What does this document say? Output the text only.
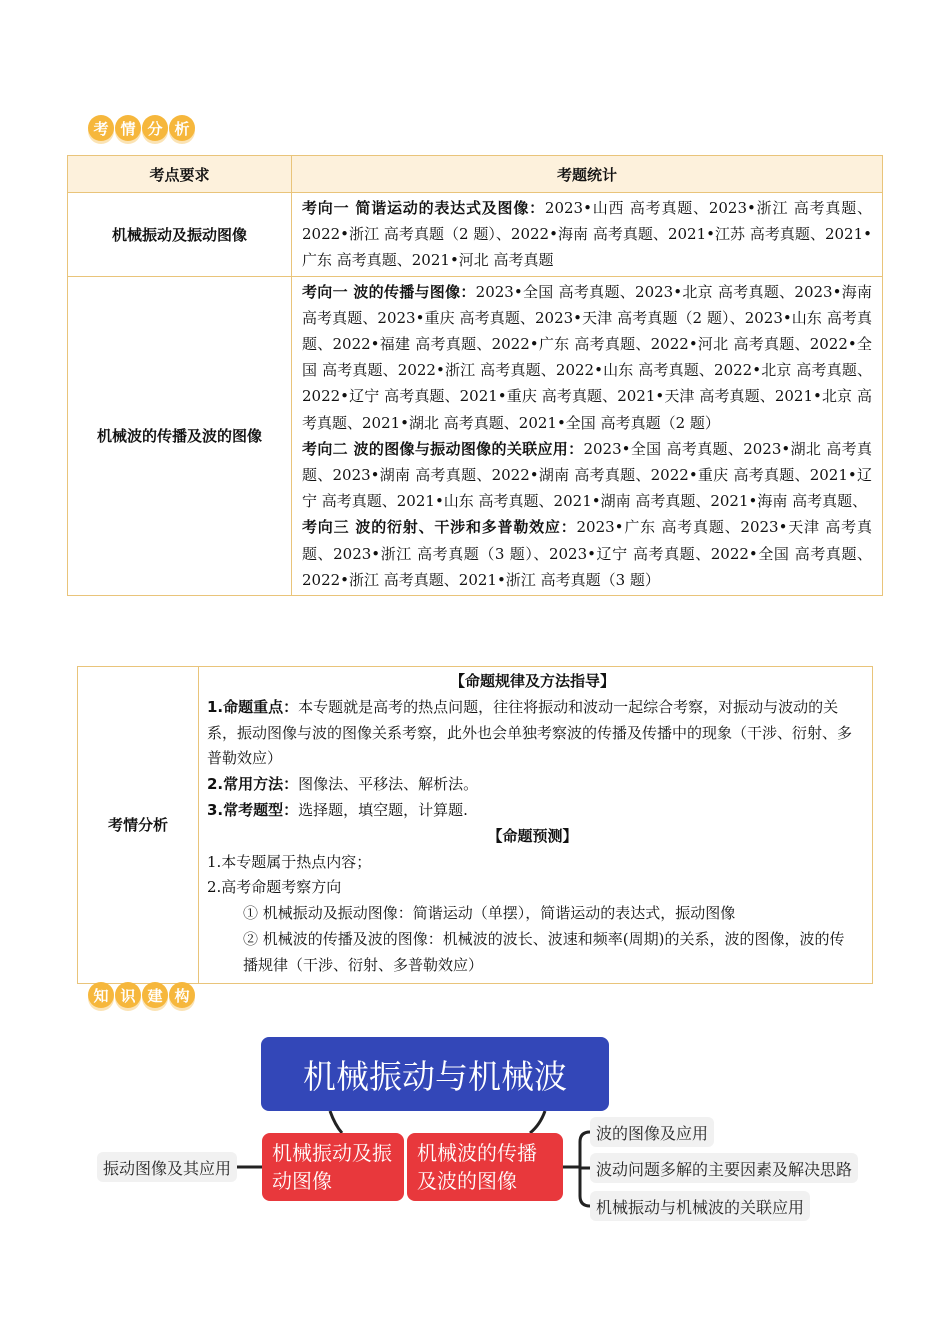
考 情 分 析
考点要求	考题统计
机械振动及振动图像	考向一 简谐运动的表达式及图像：2023•山西 高考真题、2023•浙江 高考真题、2022•浙江 高考真题（2 题）、2022•海南 高考真题、2021•江苏 高考真题、2021•广东 高考真题、2021•河北 高考真题
机械波的传播及波的图像	考向一 波的传播与图像：2023•全国 高考真题、2023•北京 高考真题、2023•海南 高考真题、2023•重庆 高考真题、2023•天津 高考真题（2 题）、2023•山东 高考真题、2022•福建 高考真题、2022•广东 高考真题、2022•河北 高考真题、2022•全国 高考真题、2022•浙江 高考真题、2022•山东 高考真题、2022•北京 高考真题、2022•辽宁 高考真题、2021•重庆 高考真题、2021•天津 高考真题、2021•北京 高考真题、2021•湖北 高考真题、2021•全国 高考真题（2 题）
考向二 波的图像与振动图像的关联应用：2023•全国 高考真题、2023•湖北 高考真题、2023•湖南 高考真题、2022•湖南 高考真题、2022•重庆 高考真题、2021•辽宁 高考真题、2021•山东 高考真题、2021•湖南 高考真题、2021•海南 高考真题、
考向三 波的衍射、干涉和多普勒效应：2023•广东 高考真题、2023•天津 高考真题、2023•浙江 高考真题（3 题）、2023•辽宁 高考真题、2022•全国 高考真题、2022•浙江 高考真题、2021•浙江 高考真题（3 题）
考情分析	
【命题规律及方法指导】
1.命题重点：本专题就是高考的热点问题，往往将振动和波动一起综合考察，对振动与波动的关系，振动图像与波的图像关系考察，此外也会单独考察波的传播及传播中的现象（干涉、衍射、多普勒效应）
2.常用方法：图像法、平移法、解析法。
3.常考题型：选择题，填空题，计算题.
【命题预测】
1.本专题属于热点内容；
2.高考命题考察方向
① 机械振动及振动图像：简谐运动（单摆），简谐运动的表达式，振动图像
② 机械波的传播及波的图像：机械波的波长、波速和频率(周期)的关系，波的图像，波的传播规律（干涉、衍射、多普勒效应）
知 识 建 构
机械振动与机械波
机械振动及振动图像
机械波的传播及波的图像
振动图像及其应用
波的图像及应用
波动问题多解的主要因素及解决思路
机械振动与机械波的关联应用
